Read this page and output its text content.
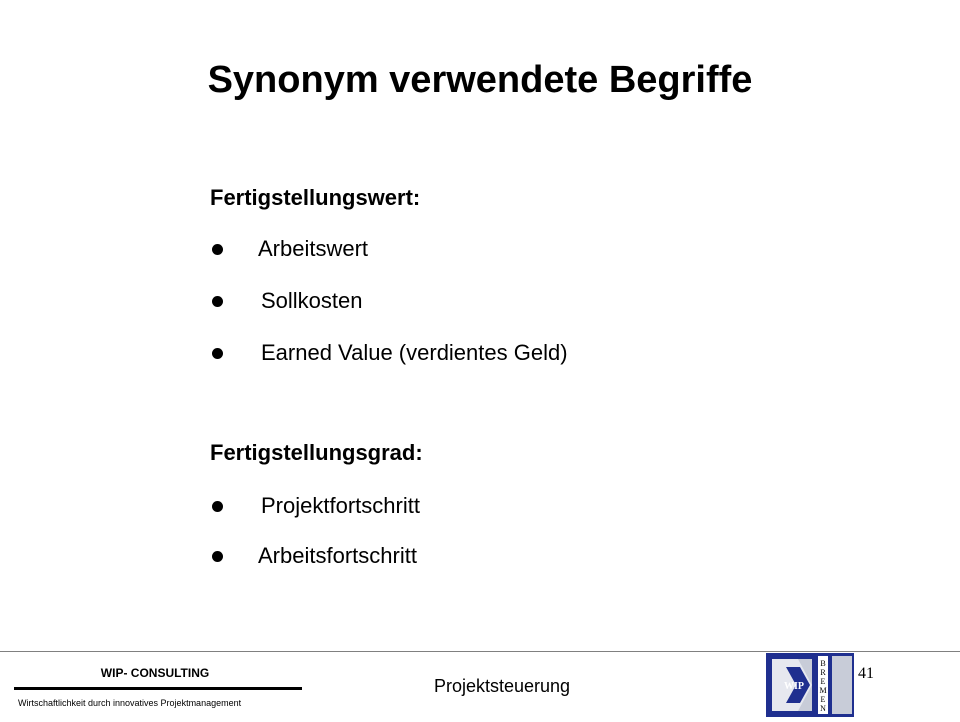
Synonym verwendete Begriffe
Fertigstellungswert:
Arbeitswert
Sollkosten
Earned Value (verdientes Geld)
Fertigstellungsgrad:
Projektfortschritt
Arbeitsfortschritt
WIP- CONSULTING
Wirtschaftlichkeit durch innovatives Projektmanagement
Projektsteuerung
41
WIP
B
R
E
M
E
N
